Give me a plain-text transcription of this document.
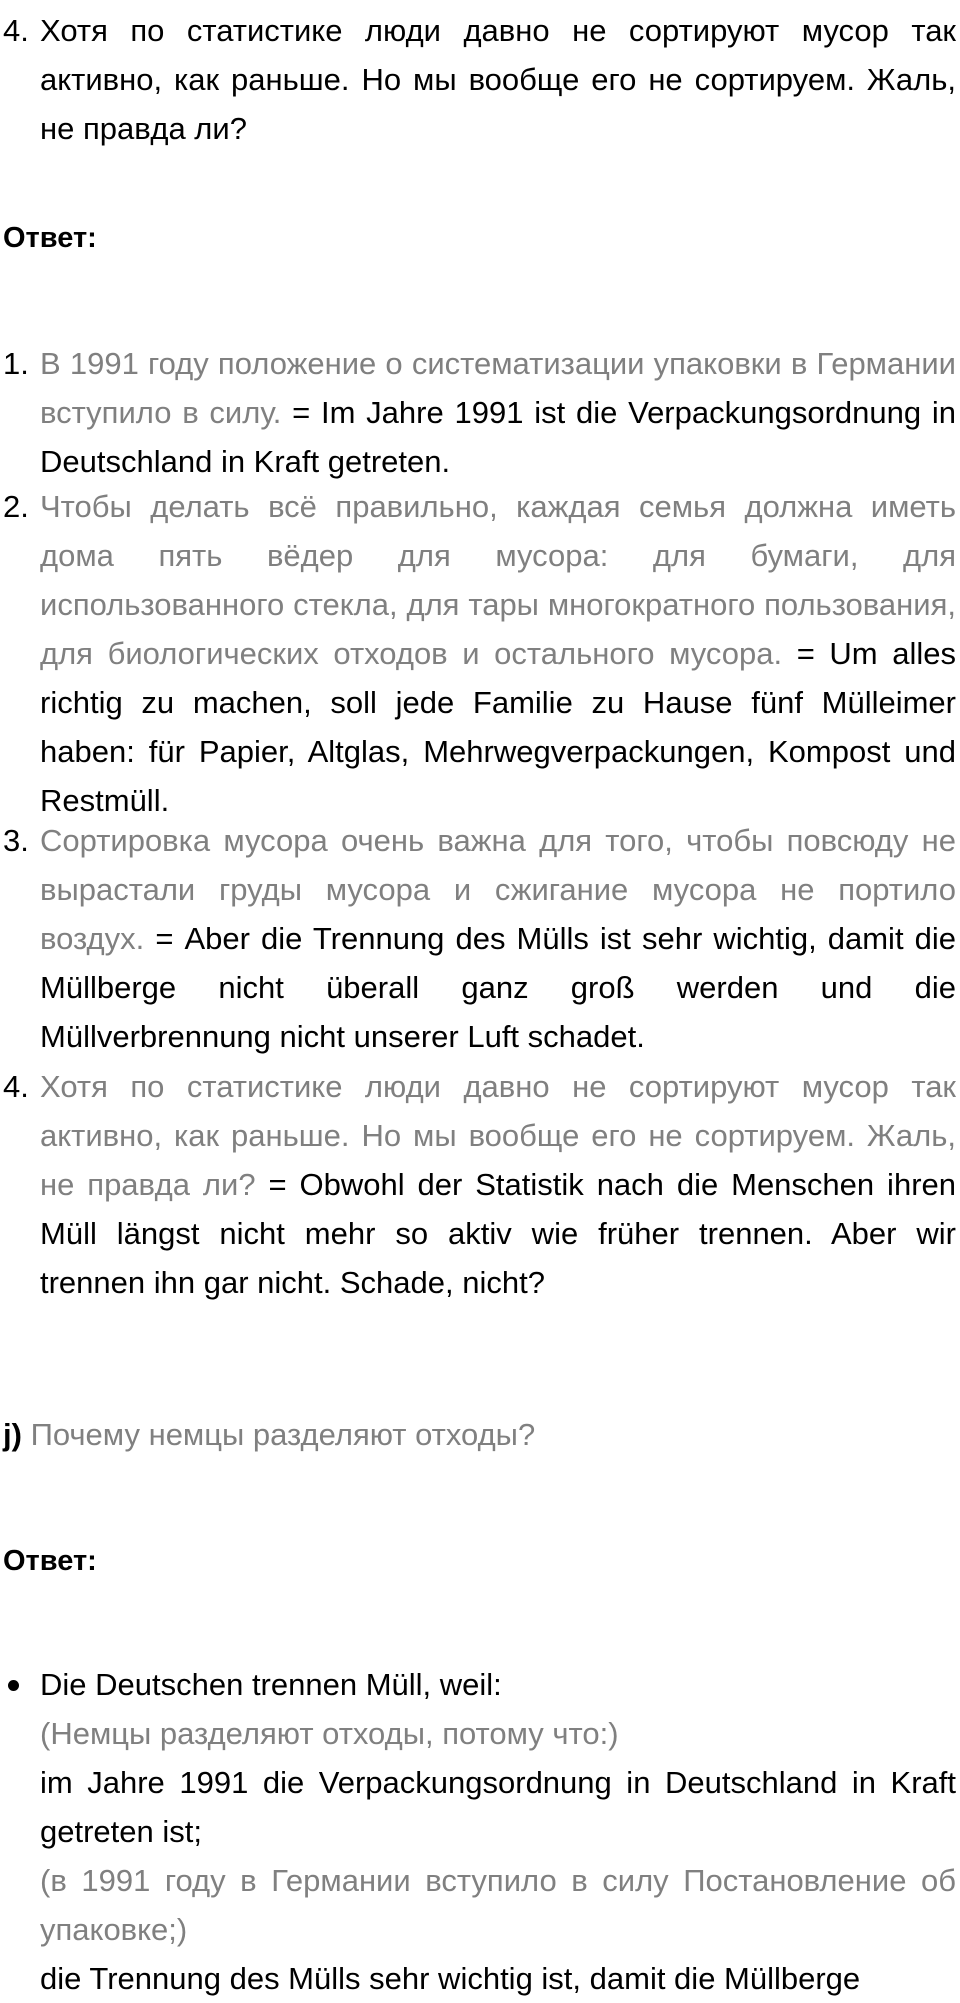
4. Хотя по статистике люди давно не сортируют мусор так активно, как раньше. Но мы вообще его не сортируем. Жаль, не правда ли?
Ответ:
1. В 1991 году положение о систематизации упаковки в Германии вступило в силу. = Im Jahre 1991 ist die Verpackungsordnung in Deutschland in Kraft getreten.
2. Чтобы делать всё правильно, каждая семья должна иметь дома пять вёдер для мусора: для бумаги, для использованного стекла, для тары многократного пользования, для биологических отходов и остального мусора. = Um alles richtig zu machen, soll jede Familie zu Hause fünf Mülleimer haben: für Papier, Altglas, Mehrwegverpackungen, Kompost und Restmüll.
3. Сортировка мусора очень важна для того, чтобы повсюду не вырастали груды мусора и сжигание мусора не портило воздух. = Aber die Trennung des Mülls ist sehr wichtig, damit die Müllberge nicht überall ganz groß werden und die Müllverbrennung nicht unserer Luft schadet.
4. Хотя по статистике люди давно не сортируют мусор так активно, как раньше. Но мы вообще его не сортируем. Жаль, не правда ли? = Obwohl der Statistik nach die Menschen ihren Müll längst nicht mehr so aktiv wie früher trennen. Aber wir trennen ihn gar nicht. Schade, nicht?
j) Почему немцы разделяют отходы?
Ответ:
Die Deutschen trennen Müll, weil:
(Немцы разделяют отходы, потому что:)
im Jahre 1991 die Verpackungsordnung in Deutschland in Kraft getreten ist;
(в 1991 году в Германии вступило в силу Постановление об упаковке;)
die Trennung des Mülls sehr wichtig ist, damit die Müllberge
